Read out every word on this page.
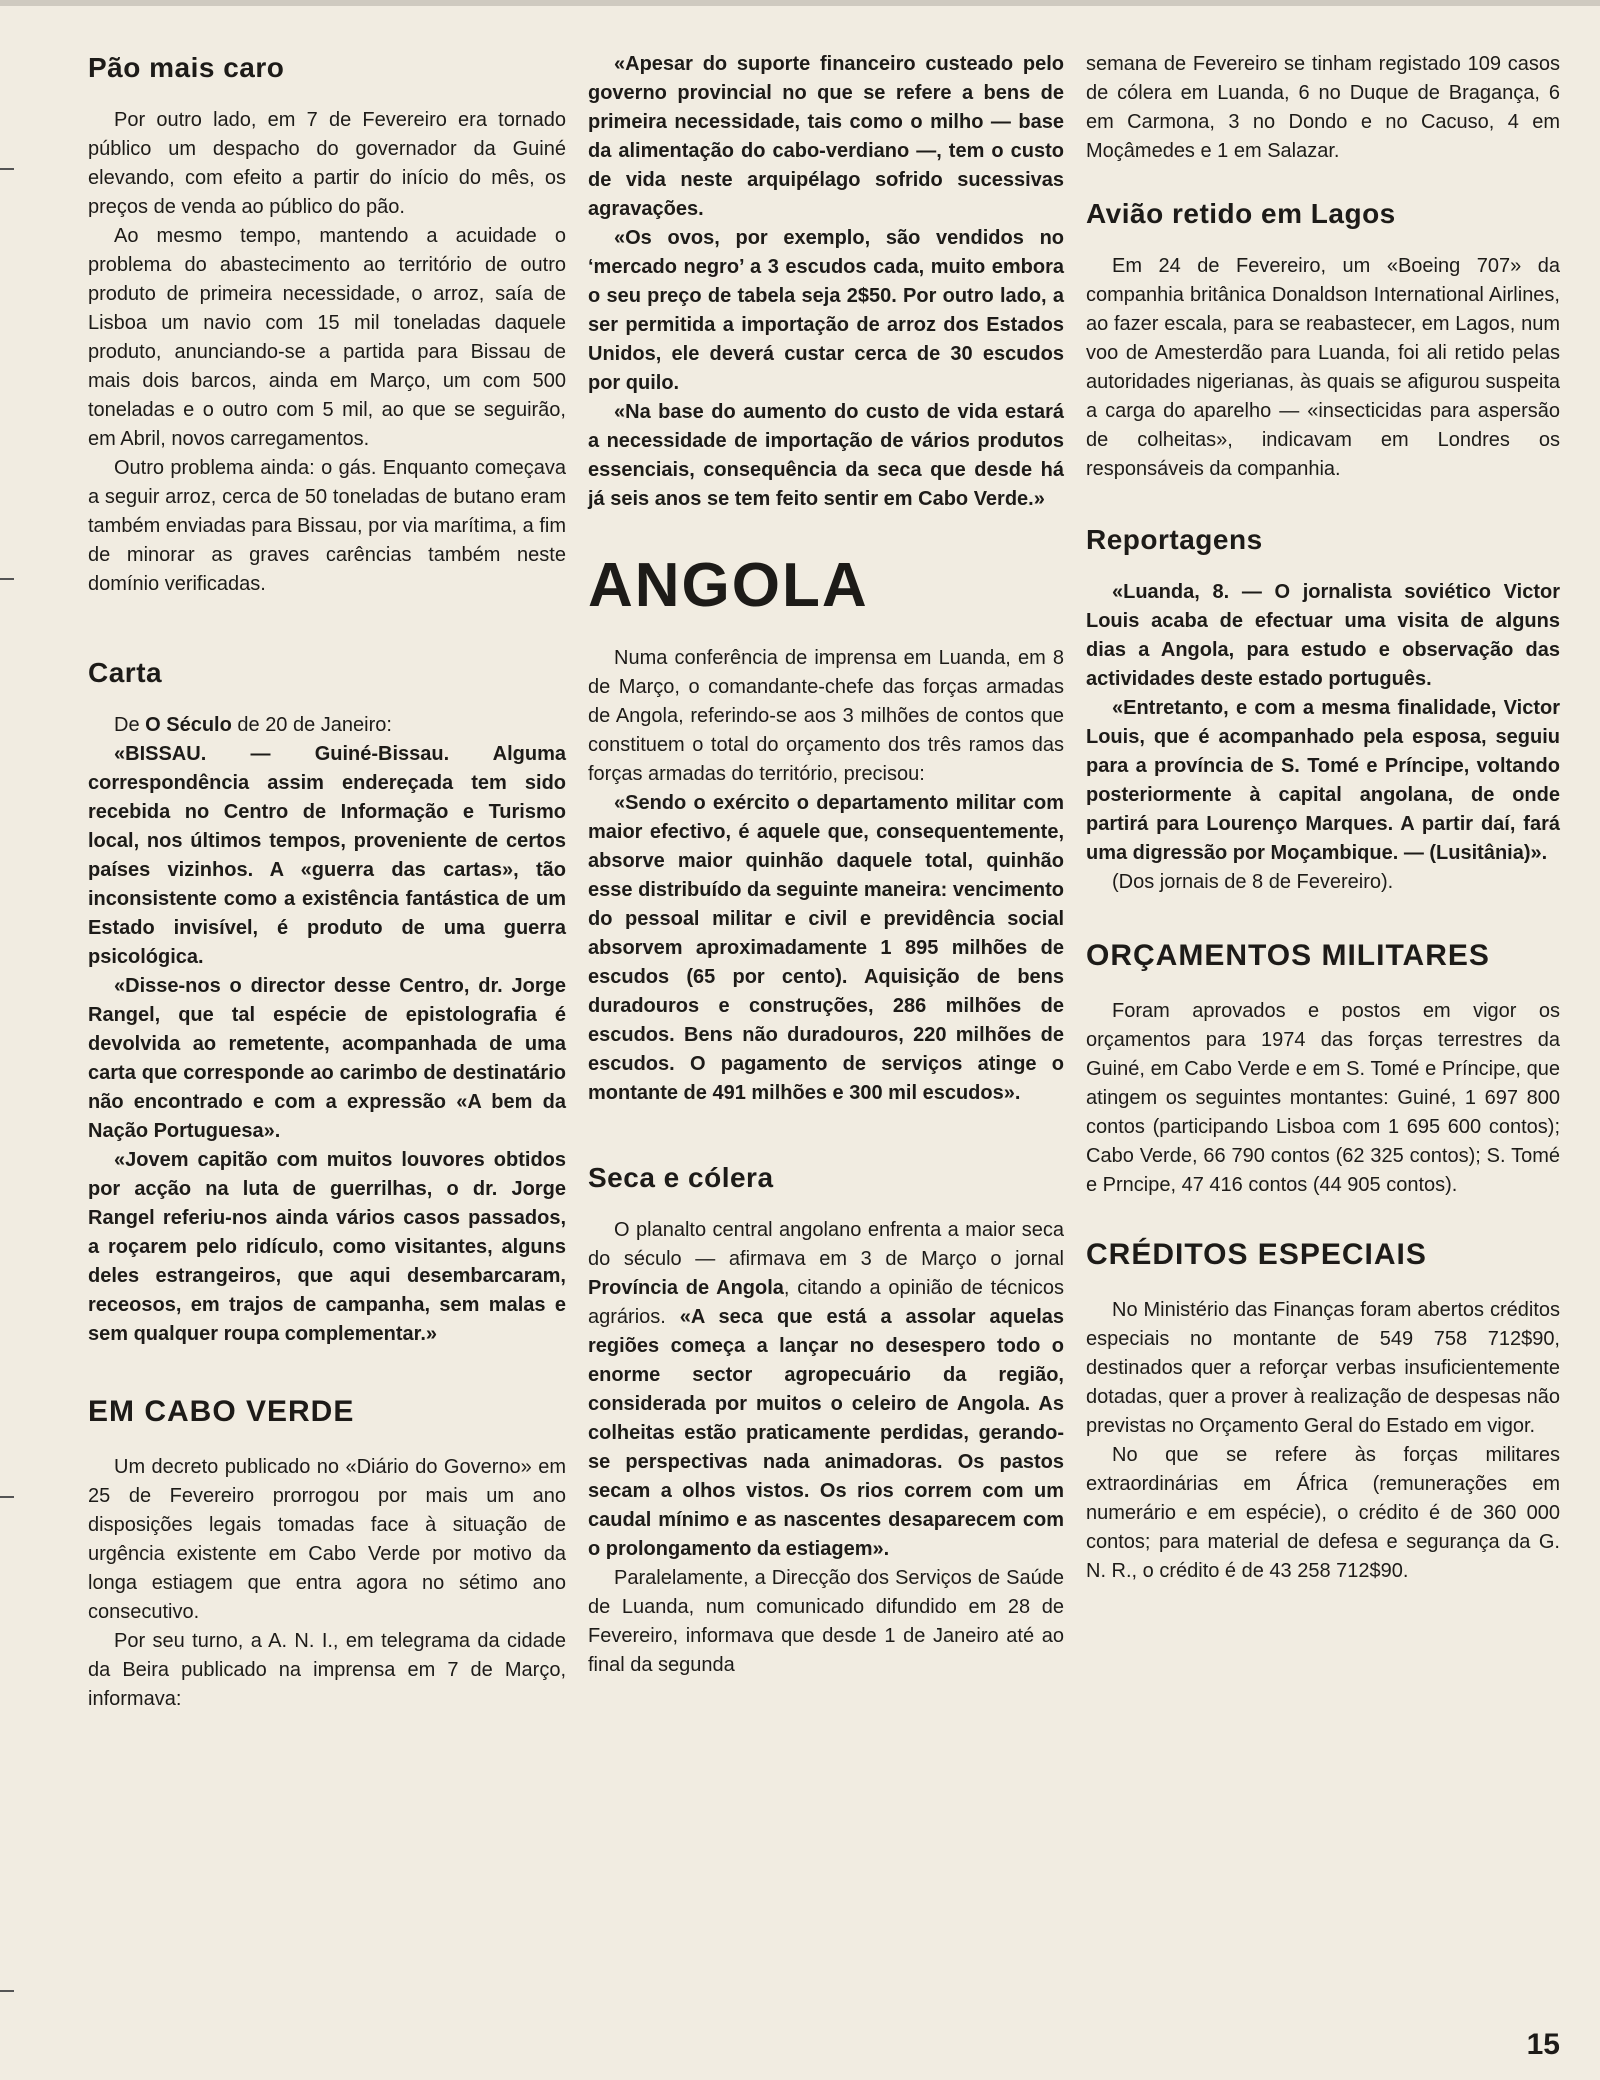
Pão mais caro

Por outro lado, em 7 de Fevereiro era tornado público um despacho do governador da Guiné elevando, com efeito a partir do início do mês, os preços de venda ao público do pão.

Ao mesmo tempo, mantendo a acuidade o problema do abastecimento ao território de outro produto de primeira necessidade, o arroz, saía de Lisboa um navio com 15 mil toneladas daquele produto, anunciando-se a partida para Bissau de mais dois barcos, ainda em Março, um com 500 toneladas e o outro com 5 mil, ao que se seguirão, em Abril, novos carregamentos.

Outro problema ainda: o gás. Enquanto começava a seguir arroz, cerca de 50 toneladas de butano eram também enviadas para Bissau, por via marítima, a fim de minorar as graves carências também neste domínio verificadas.

Carta

De O Século de 20 de Janeiro:

«BISSAU. — Guiné-Bissau. Alguma correspondência assim endereçada tem sido recebida no Centro de Informação e Turismo local, nos últimos tempos, proveniente de certos países vizinhos. A «guerra das cartas», tão inconsistente como a existência fantástica de um Estado invisível, é produto de uma guerra psicológica.

«Disse-nos o director desse Centro, dr. Jorge Rangel, que tal espécie de epistolografia é devolvida ao remetente, acompanhada de uma carta que corresponde ao carimbo de destinatário não encontrado e com a expressão «A bem da Nação Portuguesa».

«Jovem capitão com muitos louvores obtidos por acção na luta de guerrilhas, o dr. Jorge Rangel referiu-nos ainda vários casos passados, a roçarem pelo ridículo, como visitantes, alguns deles estrangeiros, que aqui desembarcaram, receosos, em trajos de campanha, sem malas e sem qualquer roupa complementar.»

EM CABO VERDE

Um decreto publicado no «Diário do Governo» em 25 de Fevereiro prorrogou por mais um ano disposições legais tomadas face à situação de urgência existente em Cabo Verde por motivo da longa estiagem que entra agora no sétimo ano consecutivo.

Por seu turno, a A. N. I., em telegrama da cidade da Beira publicado na imprensa em 7 de Março, informava:

«Apesar do suporte financeiro custeado pelo governo provincial no que se refere a bens de primeira necessidade, tais como o milho — base da alimentação do cabo-verdiano —, tem o custo de vida neste arquipélago sofrido sucessivas agravações.

«Os ovos, por exemplo, são vendidos no ‘mercado negro’ a 3 escudos cada, muito embora o seu preço de tabela seja 2$50. Por outro lado, a ser permitida a importação de arroz dos Estados Unidos, ele deverá custar cerca de 30 escudos por quilo.

«Na base do aumento do custo de vida estará a necessidade de importação de vários produtos essenciais, consequência da seca que desde há já seis anos se tem feito sentir em Cabo Verde.»

ANGOLA

Numa conferência de imprensa em Luanda, em 8 de Março, o comandante-chefe das forças armadas de Angola, referindo-se aos 3 milhões de contos que constituem o total do orçamento dos três ramos das forças armadas do território, precisou:

«Sendo o exército o departamento militar com maior efectivo, é aquele que, consequentemente, absorve maior quinhão daquele total, quinhão esse distribuído da seguinte maneira: vencimento do pessoal militar e civil e previdência social absorvem aproximadamente 1 895 milhões de escudos (65 por cento). Aquisição de bens duradouros e construções, 286 milhões de escudos. Bens não duradouros, 220 milhões de escudos. O pagamento de serviços atinge o montante de 491 milhões e 300 mil escudos».

Seca e cólera

O planalto central angolano enfrenta a maior seca do século — afirmava em 3 de Março o jornal Província de Angola, citando a opinião de técnicos agrários. «A seca que está a assolar aquelas regiões começa a lançar no desespero todo o enorme sector agropecuário da região, considerada por muitos o celeiro de Angola. As colheitas estão praticamente perdidas, gerando-se perspectivas nada animadoras. Os pastos secam a olhos vistos. Os rios correm com um caudal mínimo e as nascentes desaparecem com o prolongamento da estiagem».

Paralelamente, a Direcção dos Serviços de Saúde de Luanda, num comunicado difundido em 28 de Fevereiro, informava que desde 1 de Janeiro até ao final da segunda

semana de Fevereiro se tinham registado 109 casos de cólera em Luanda, 6 no Duque de Bragança, 6 em Carmona, 3 no Dondo e no Cacuso, 4 em Moçâmedes e 1 em Salazar.

Avião retido em Lagos

Em 24 de Fevereiro, um «Boeing 707» da companhia britânica Donaldson International Airlines, ao fazer escala, para se reabastecer, em Lagos, num voo de Amesterdão para Luanda, foi ali retido pelas autoridades nigerianas, às quais se afigurou suspeita a carga do aparelho — «insecticidas para aspersão de colheitas», indicavam em Londres os responsáveis da companhia.

Reportagens

«Luanda, 8. — O jornalista soviético Victor Louis acaba de efectuar uma visita de alguns dias a Angola, para estudo e observação das actividades deste estado português.

«Entretanto, e com a mesma finalidade, Victor Louis, que é acompanhado pela esposa, seguiu para a província de S. Tomé e Príncipe, voltando posteriormente à capital angolana, de onde partirá para Lourenço Marques. A partir daí, fará uma digressão por Moçambique. — (Lusitânia)».

(Dos jornais de 8 de Fevereiro).

ORÇAMENTOS MILITARES

Foram aprovados e postos em vigor os orçamentos para 1974 das forças terrestres da Guiné, em Cabo Verde e em S. Tomé e Príncipe, que atingem os seguintes montantes: Guiné, 1 697 800 contos (participando Lisboa com 1 695 600 contos); Cabo Verde, 66 790 contos (62 325 contos); S. Tomé e Prncipe, 47 416 contos (44 905 contos).

CRÉDITOS ESPECIAIS

No Ministério das Finanças foram abertos créditos especiais no montante de 549 758 712$90, destinados quer a reforçar verbas insuficientemente dotadas, quer a prover à realização de despesas não previstas no Orçamento Geral do Estado em vigor.

No que se refere às forças militares extraordinárias em África (remunerações em numerário e em espécie), o crédito é de 360 000 contos; para material de defesa e segurança da G. N. R., o crédito é de 43 258 712$90.

15
